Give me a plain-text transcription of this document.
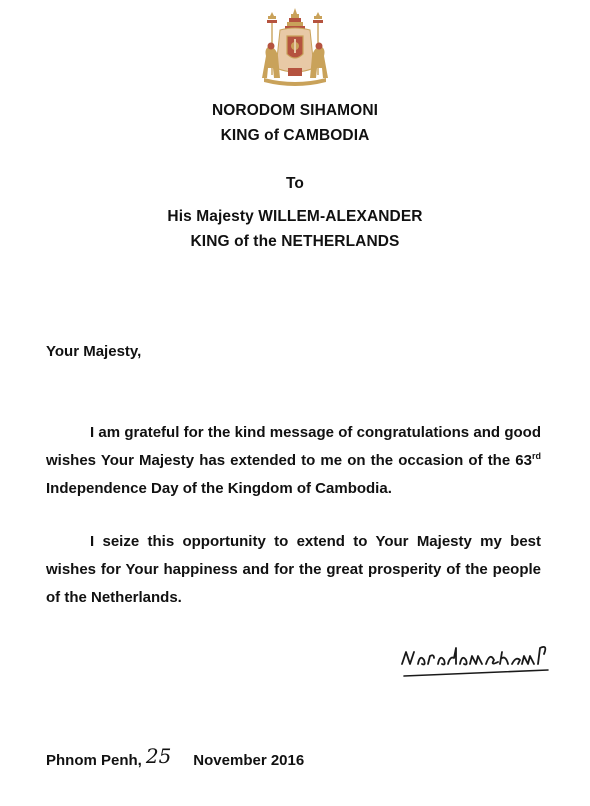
NORODOM SIHAMONI
KING of CAMBODIA
To
His Majesty WILLEM-ALEXANDER
KING of the NETHERLANDS
Your Majesty,
I am grateful for the kind message of congratulations and good wishes Your Majesty has extended to me on the occasion of the 63rd Independence Day of the Kingdom of Cambodia.
I seize this opportunity to extend to Your Majesty my best wishes for Your happiness and for the great prosperity of the people of the Netherlands.
Phnom Penh, 25 November 2016
